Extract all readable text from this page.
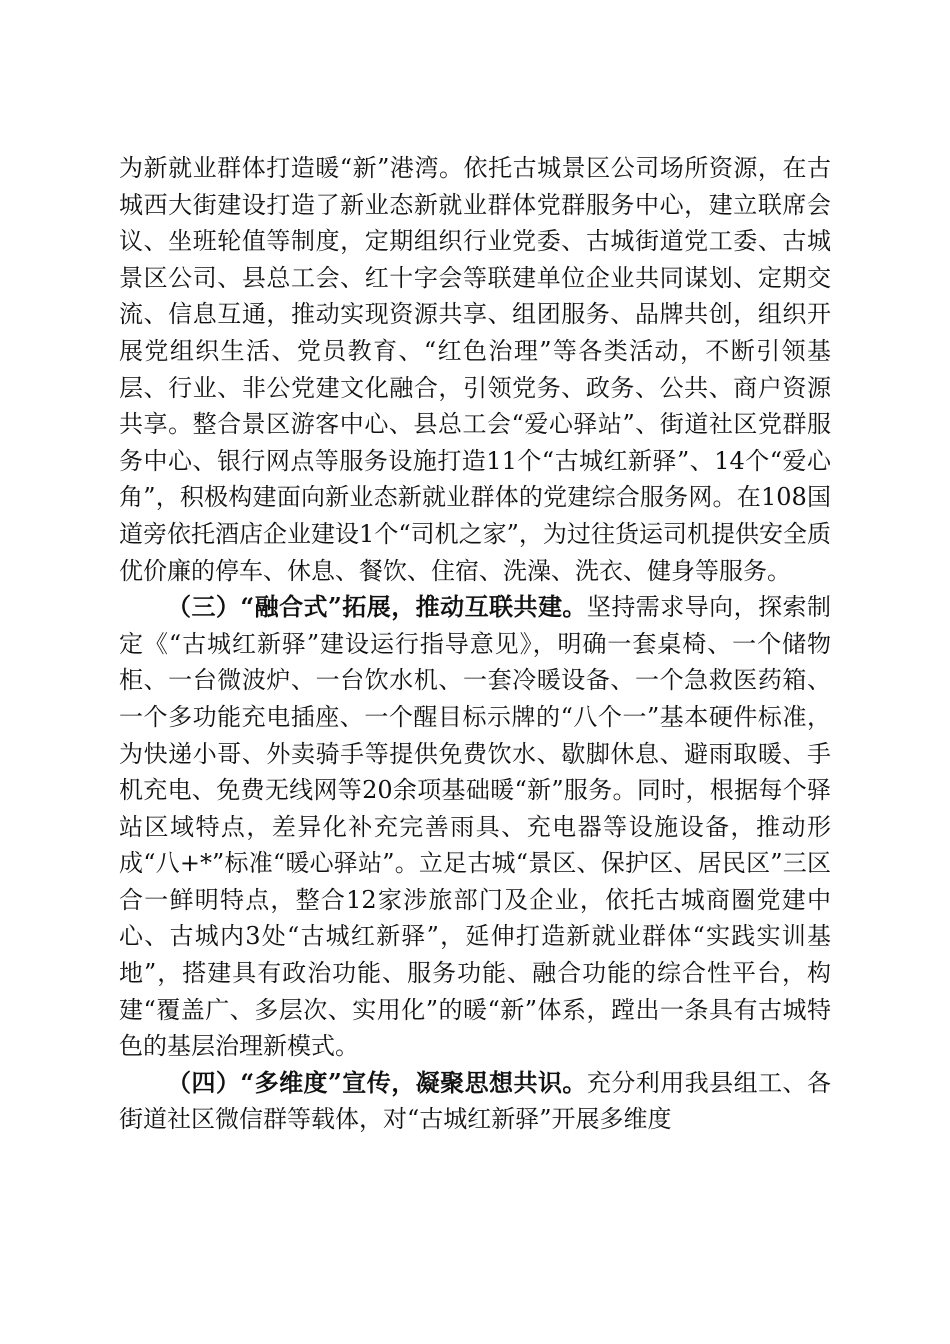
为新就业群体打造暖“新”港湾。依托古城景区公司场所资源，在古城西大街建设打造了新业态新就业群体党群服务中心，建立联席会议、坐班轮值等制度，定期组织行业党委、古城街道党工委、古城景区公司、县总工会、红十字会等联建单位企业共同谋划、定期交流、信息互通，推动实现资源共享、组团服务、品牌共创，组织开展党组织生活、党员教育、“红色治理”等各类活动，不断引领基层、行业、非公党建文化融合，引领党务、政务、公共、商户资源共享。整合景区游客中心、县总工会“爱心驿站”、街道社区党群服务中心、银行网点等服务设施打造11个“古城红新驿”、14个“爱心角”，积极构建面向新业态新就业群体的党建综合服务网。在108国道旁依托酒店企业建设1个“司机之家”，为过往货运司机提供安全质优价廉的停车、休息、餐饮、住宿、洗澡、洗衣、健身等服务。

（三）“融合式”拓展，推动互联共建。坚持需求导向，探索制定《“古城红新驿”建设运行指导意见》，明确一套桌椅、一个储物柜、一台微波炉、一台饮水机、一套冷暖设备、一个急救医药箱、一个多功能充电插座、一个醒目标示牌的“八个一”基本硬件标准，为快递小哥、外卖骑手等提供免费饮水、歇脚休息、避雨取暖、手机充电、免费无线网等20余项基础暖“新”服务。同时，根据每个驿站区域特点，差异化补充完善雨具、充电器等设施设备，推动形成“八+*”标准“暖心驿站”。立足古城“景区、保护区、居民区”三区合一鲜明特点，整合12家涉旅部门及企业，依托古城商圈党建中心、古城内3处“古城红新驿”，延伸打造新就业群体“实践实训基地”，搭建具有政治功能、服务功能、融合功能的综合性平台，构建“覆盖广、多层次、实用化”的暖“新”体系，蹚出一条具有古城特色的基层治理新模式。

（四）“多维度”宣传，凝聚思想共识。充分利用我县组工、各街道社区微信群等载体，对“古城红新驿”开展多维度
